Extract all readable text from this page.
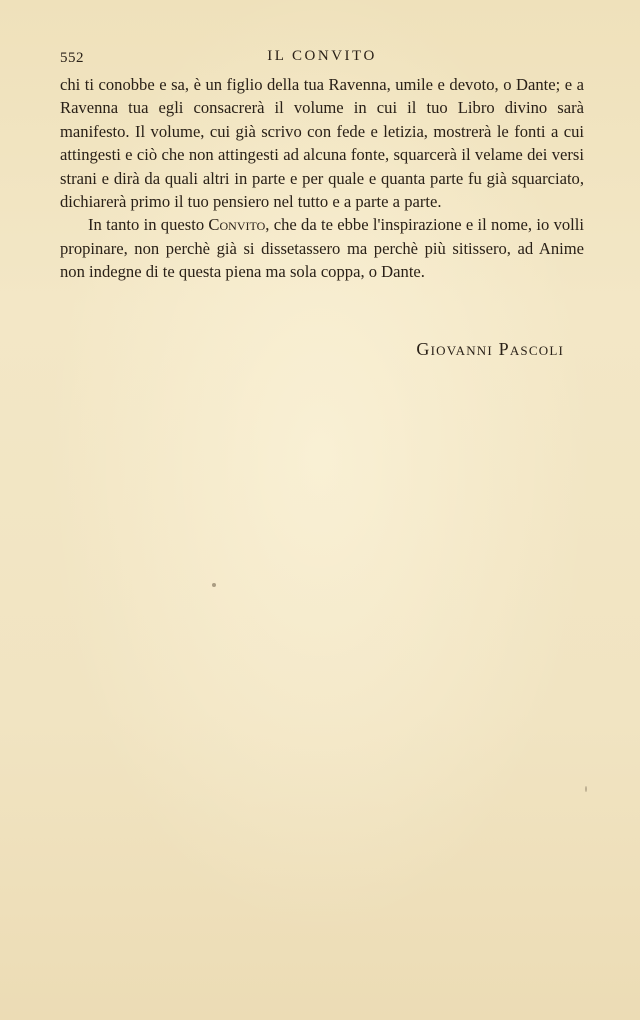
552	IL CONVITO

chi ti conobbe e sa, è un figlio della tua Ravenna, umile e devoto, o Dante; e a Ravenna tua egli consacrerà il volume in cui il tuo Libro divino sarà manifesto. Il volume, cui già scrivo con fede e letizia, mostrerà le fonti a cui attingesti e ciò che non attingesti ad alcuna fonte, squarcerà il velame dei versi strani e dirà da quali altri in parte e per quale e quanta parte fu già squarciato, dichiarerà primo il tuo pensiero nel tutto e a parte a parte.

In tanto in questo Convito, che da te ebbe l'inspirazione e il nome, io volli propinare, non perchè già si dissetassero ma perchè più sitissero, ad Anime non indegne di te questa piena ma sola coppa, o Dante.

Giovanni Pascoli
